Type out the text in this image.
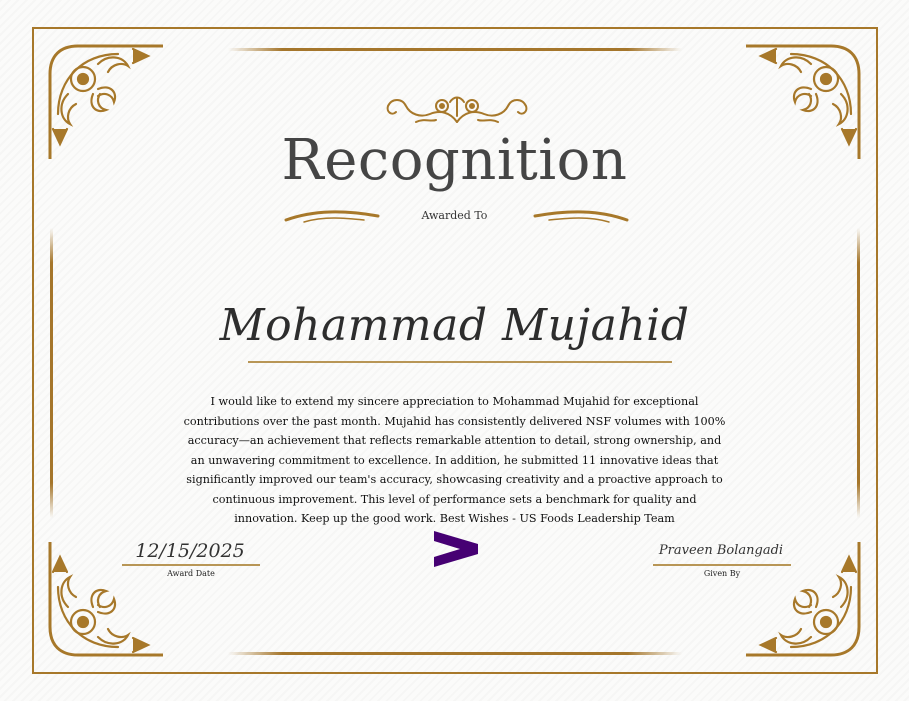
Recognition
Awarded To
Mohammad Mujahid
I would like to extend my sincere appreciation to Mohammad Mujahid for exceptional contributions over the past month. Mujahid has consistently delivered NSF volumes with 100% accuracy—an achievement that reflects remarkable attention to detail, strong ownership, and an unwavering commitment to excellence. In addition, he submitted 11 innovative ideas that significantly improved our team's accuracy, showcasing creativity and a proactive approach to continuous improvement. This level of performance sets a benchmark for quality and innovation. Keep up the good work. Best Wishes - US Foods Leadership Team
12/15/2025
Award Date
Praveen Bolangadi
Given By
